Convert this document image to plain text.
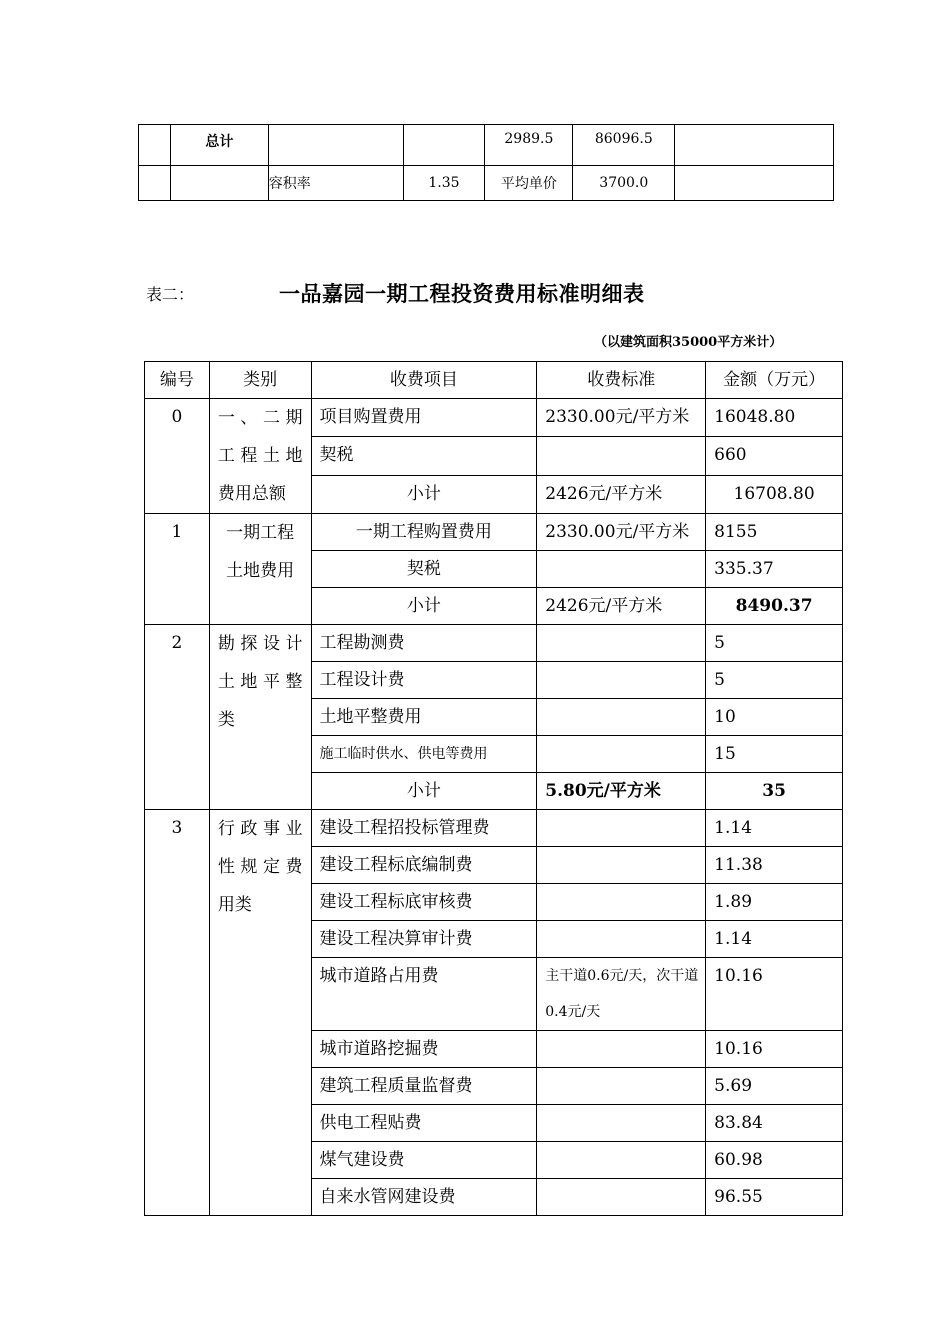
	总计			2989.5	86096.5	
		容积率	1.35	平均单价	3700.0	
表二：	一品嘉园一期工程投资费用标准明细表
（以建筑面积35000平方米计）
编号	类别	收费项目	收费标准	金额（万元）
0	一、二期工程土地费用总额	项目购置费用	2330.00元/平方米	16048.80
		契税		660
		小计	2426元/平方米	16708.80
1	一期工程土地费用	一期工程购置费用	2330.00元/平方米	8155
		契税		335.37
		小计	2426元/平方米	8490.37
2	勘探设计土地平整类	工程勘测费		5
		工程设计费		5
		土地平整费用		10
		施工临时供水、供电等费用		15
		小计	5.80元/平方米	35
3	行政事业性规定费用类	建设工程招投标管理费		1.14
		建设工程标底编制费		11.38
		建设工程标底审核费		1.89
		建设工程决算审计费		1.14
		城市道路占用费	主干道0.6元/天，次干道0.4元/天	10.16
		城市道路挖掘费		10.16
		建筑工程质量监督费		5.69
		供电工程贴费		83.84
		煤气建设费		60.98
		自来水管网建设费		96.55
